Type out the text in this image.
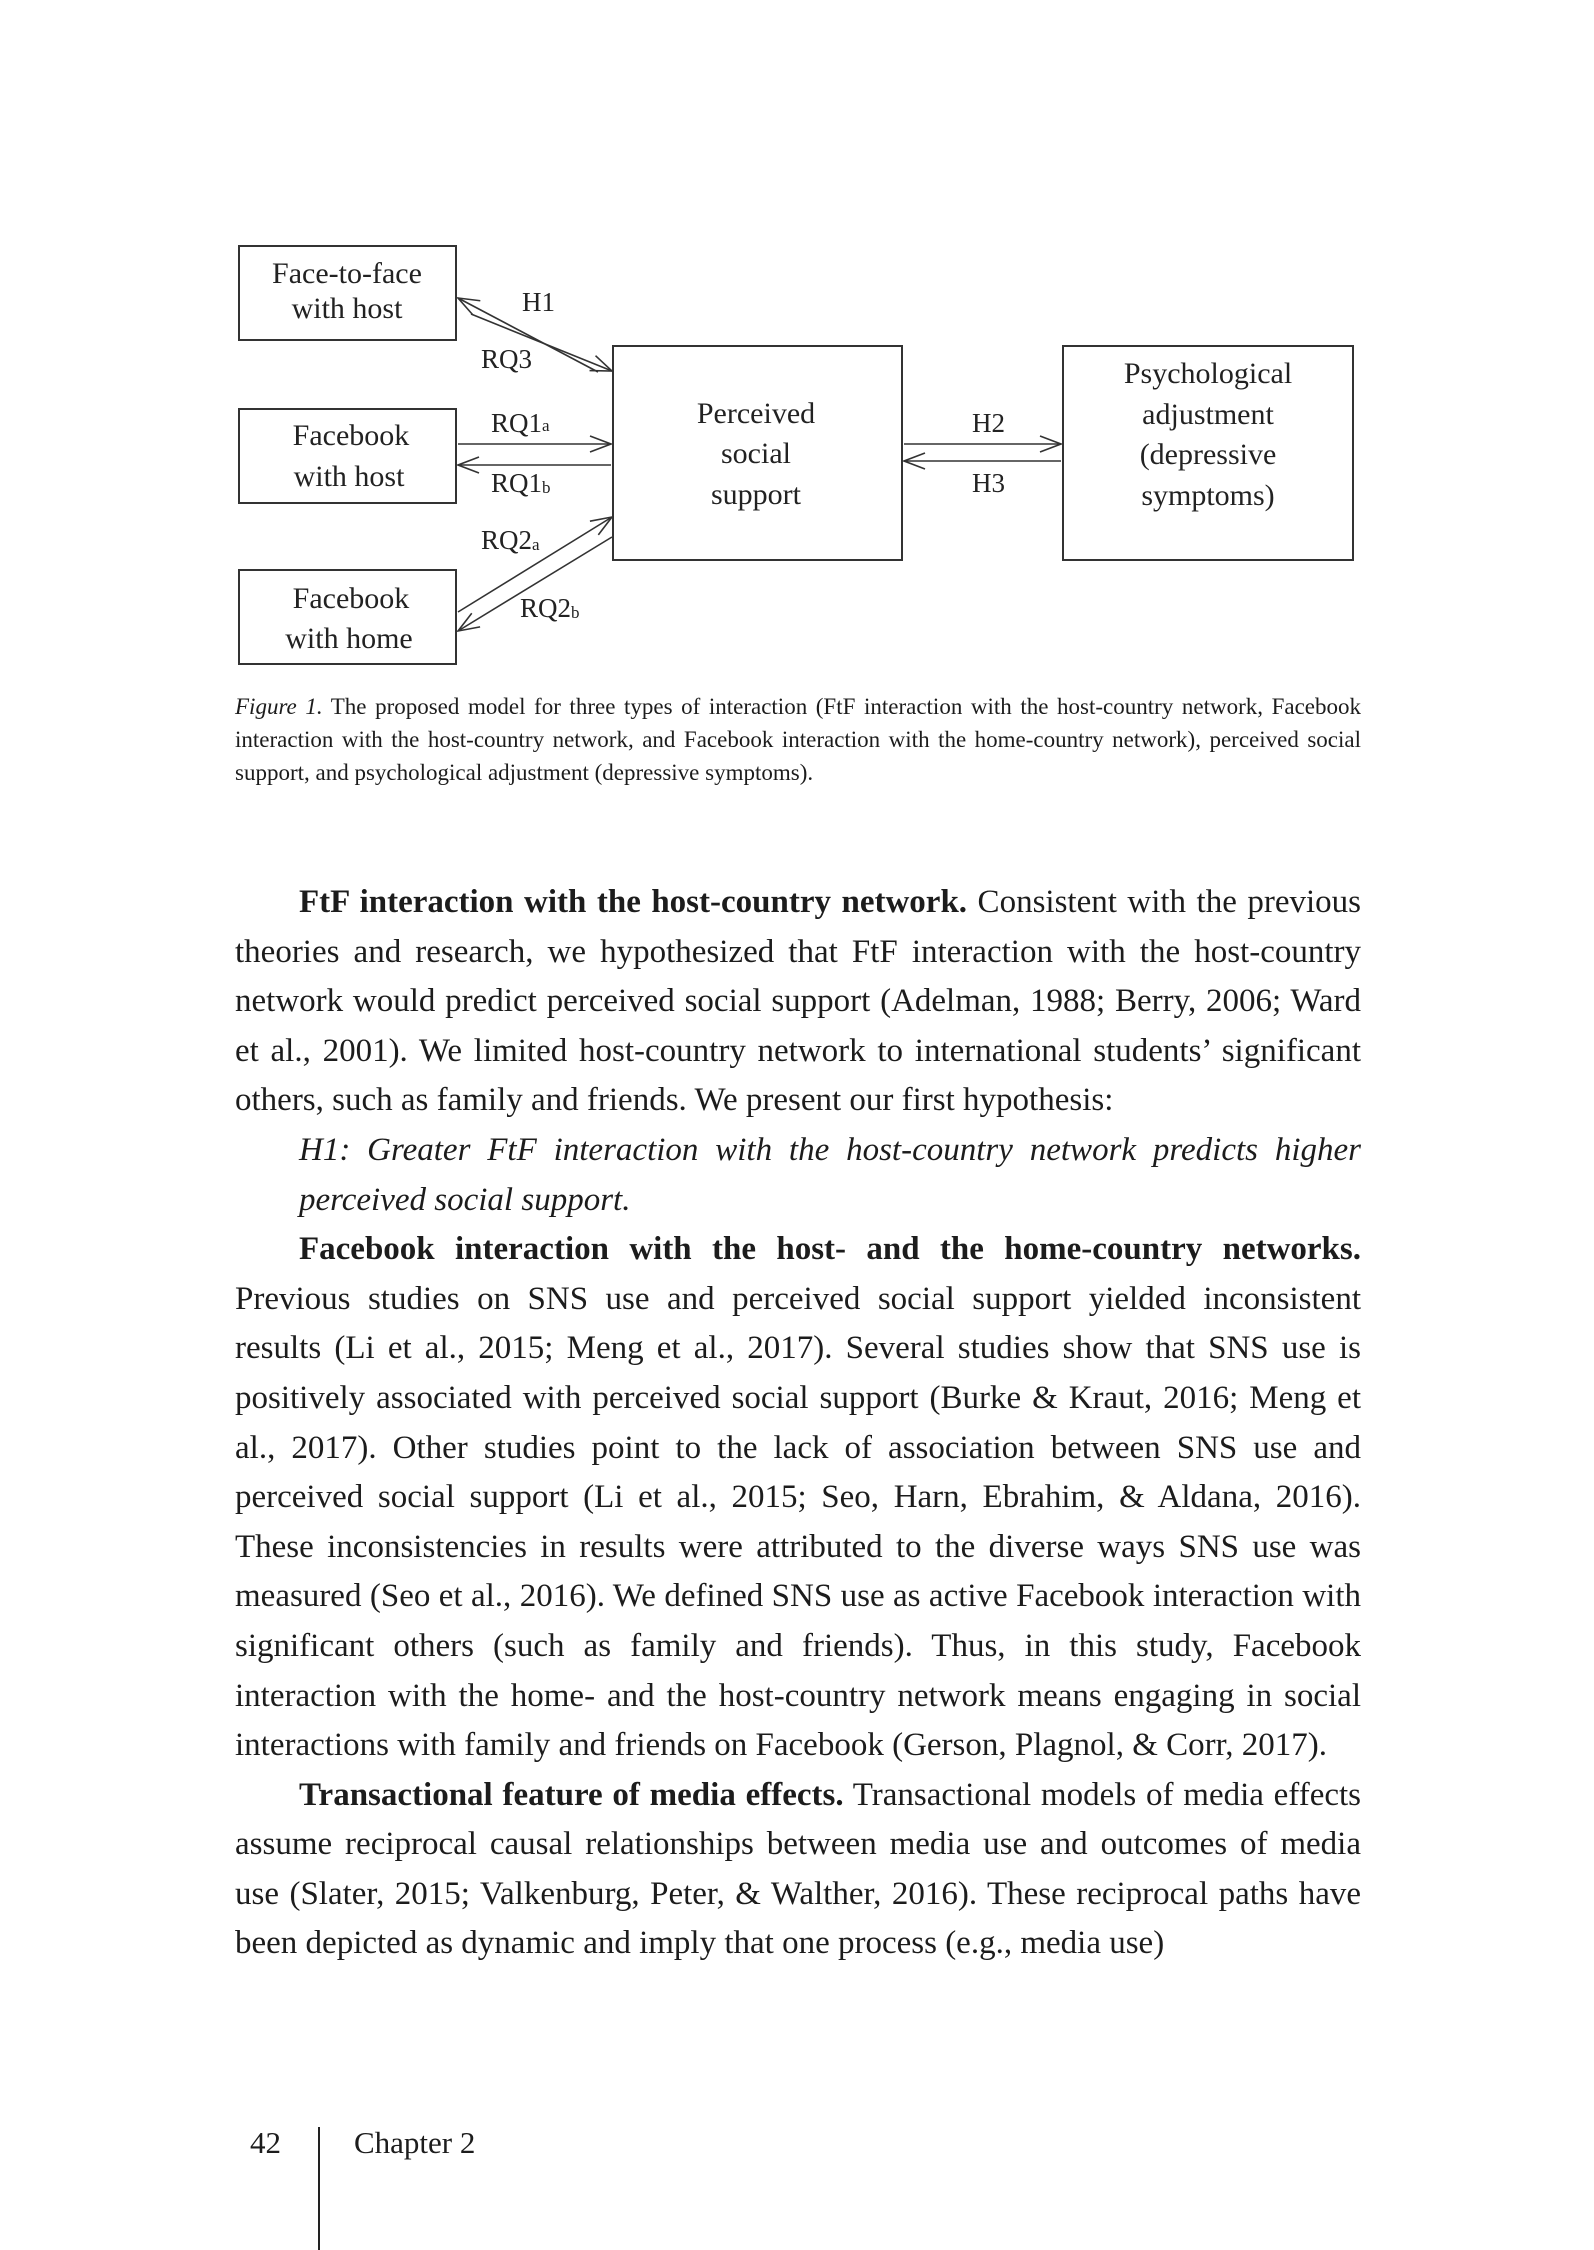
Face-to-face
with host
Facebook
with host
Facebook
with home
Perceived
social
support
Psychological
adjustment
(depressive
symptoms)
H1
RQ3
RQ1a
RQ1b
RQ2a
RQ2b
H2
H3

Figure 1. The proposed model for three types of interaction (FtF interaction with the host-country network, Facebook interaction with the host-country network, and Facebook interaction with the home-country network), perceived social support, and psychological adjustment (depressive symptoms).

FtF interaction with the host-country network. Consistent with the previous theories and research, we hypothesized that FtF interaction with the host-country network would predict perceived social support (Adelman, 1988; Berry, 2006; Ward et al., 2001). We limited host-country network to international students’ significant others, such as family and friends. We present our first hypothesis:

H1: Greater FtF interaction with the host-country network predicts higher perceived social support.

Facebook interaction with the host- and the home-country networks. Previous studies on SNS use and perceived social support yielded inconsistent results (Li et al., 2015; Meng et al., 2017). Several studies show that SNS use is positively associated with perceived social support (Burke & Kraut, 2016; Meng et al., 2017). Other studies point to the lack of association between SNS use and perceived social support (Li et al., 2015; Seo, Harn, Ebrahim, & Aldana, 2016). These inconsistencies in results were attributed to the diverse ways SNS use was measured (Seo et al., 2016). We defined SNS use as active Facebook interaction with significant others (such as family and friends). Thus, in this study, Facebook interaction with the home- and the host-country network means engaging in social interactions with family and friends on Facebook (Gerson, Plagnol, & Corr, 2017).

Transactional feature of media effects. Transactional models of media effects assume reciprocal causal relationships between media use and outcomes of media use (Slater, 2015; Valkenburg, Peter, & Walther, 2016). These reciprocal paths have been depicted as dynamic and imply that one process (e.g., media use)

42 Chapter 2
